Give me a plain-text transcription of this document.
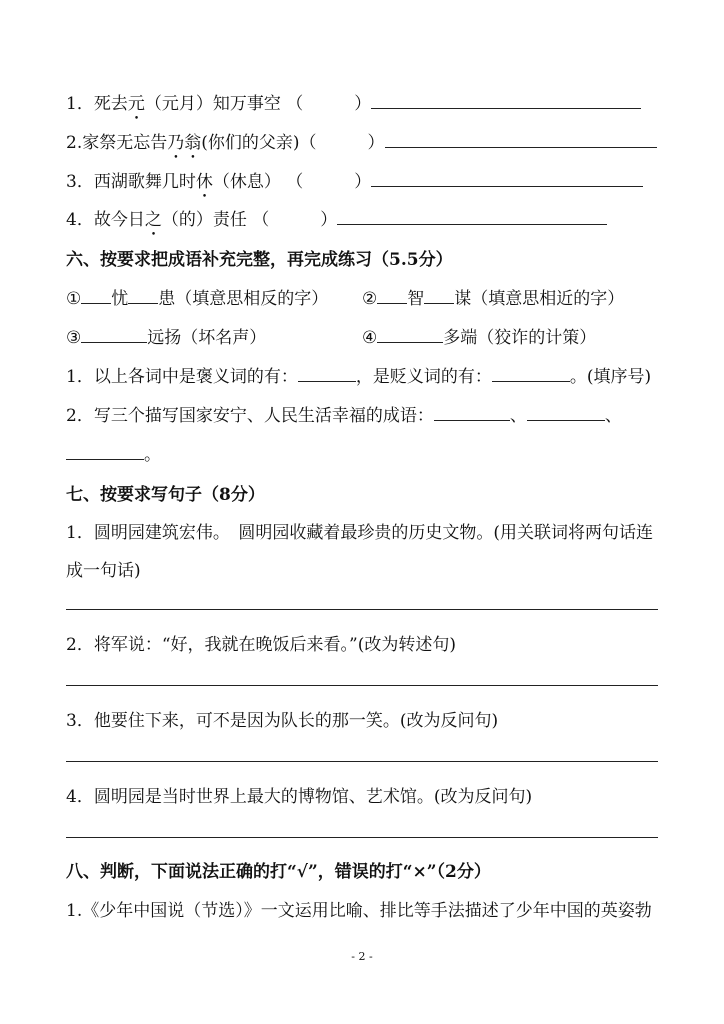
1．死去元（元月）知万事空 （　　　）
2.家祭无忘告乃翁(你们的父亲)（　　　）
3．西湖歌舞几时休（休息） （　　　）
4．故今日之（的）责任 （　　　）
六、按要求把成语补充完整，再完成练习（5.5分）
① 忧 患（填意思相反的字） ② 智 谋（填意思相近的字）
③	远扬（坏名声）	④	多端（狡诈的计策）
1．以上各词中是褒义词的有：	，是贬义词的有：	。(填序号)
2．写三个描写国家安宁、人民生活幸福的成语：	、	、
。
七、按要求写句子（8分）
1．圆明园建筑宏伟。　圆明园收藏着最珍贵的历史文物。(用关联词将两句话连
成一句话)
2．将军说：“好，我就在晚饭后来看。”(改为转述句)
3．他要住下来，可不是因为队长的那一笑。(改为反问句)
4．圆明园是当时世界上最大的博物馆、艺术馆。(改为反问句)
八、判断，下面说法正确的打“√”，错误的打“×”（2分）
1.《少年中国说（节选）》一文运用比喻、排比等手法描述了少年中国的英姿勃
- 2 -
